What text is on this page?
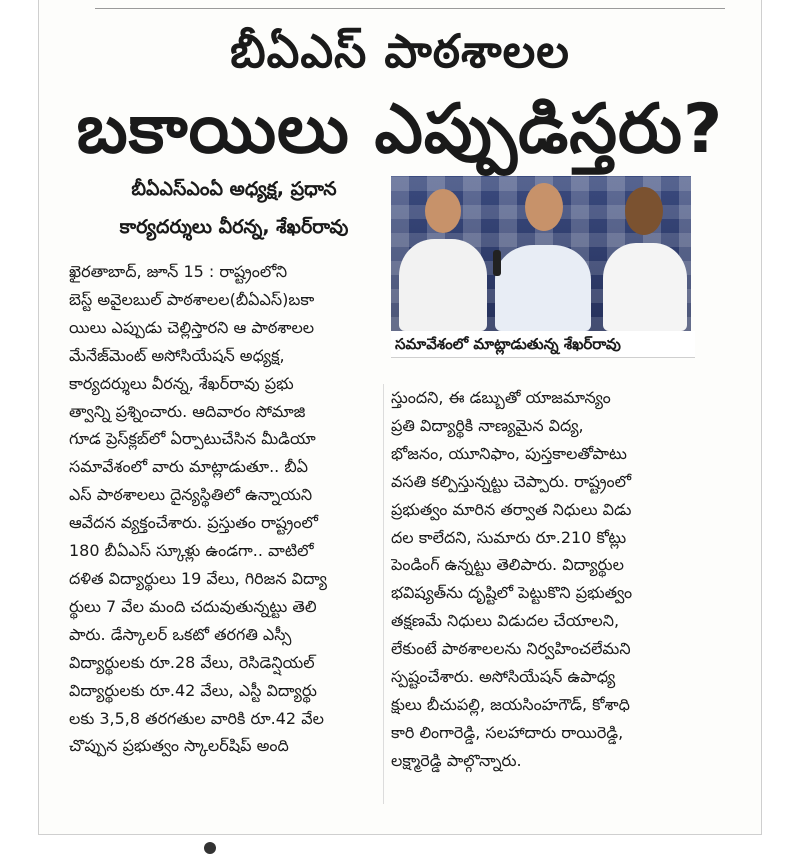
బీఏఎస్ పాఠశాలల
బకాయిలు ఎప్పుడిస్తరు?
బీఏఎస్ఎంఏ అధ్యక్ష, ప్రధాన
కార్యదర్శులు వీరన్న, శేఖర్‌రావు
సమావేశంలో మాట్లాడుతున్న శేఖర్‌రావు

ఖైరతాబాద్, జూన్ 15 : రాష్ట్రంలోని

బెస్ట్ అవైలబుల్ పాఠశాలల(బీఏఎస్)బకా

యిలు ఎప్పుడు చెల్లిస్తారని ఆ పాఠశాలల

మేనేజ్‌మెంట్ అసోసియేషన్ అధ్యక్ష,

కార్యదర్శులు వీరన్న, శేఖర్‌రావు ప్రభు

త్వాన్ని ప్రశ్నించారు. ఆదివారం సోమాజి

గూడ ప్రెస్‌క్లబ్‌లో ఏర్పాటుచేసిన మీడియా

సమావేశంలో వారు మాట్లాడుతూ.. బీఏ

ఎస్ పాఠశాలలు దైన్యస్థితిలో ఉన్నాయని

ఆవేదన వ్యక్తంచేశారు. ప్రస్తుతం రాష్ట్రంలో

180 బీఏఎస్ స్కూళ్లు ఉండగా.. వాటిలో

దళిత విద్యార్థులు 19 వేలు, గిరిజన విద్యా

ర్థులు 7 వేల మంది చదువుతున్నట్టు తెలి

పారు. డేస్కాలర్ ఒకటో తరగతి ఎస్సీ

విద్యార్థులకు రూ.28 వేలు, రెసిడెన్షియల్

విద్యార్థులకు రూ.42 వేలు, ఎస్టీ విద్యార్థు

లకు 3,5,8 తరగతుల వారికి రూ.42 వేల

చొప్పున ప్రభుత్వం స్కాలర్‌షిప్ అంది

స్తుందని, ఈ డబ్బుతో యాజమాన్యం

ప్రతి విద్యార్థికి నాణ్యమైన విద్య,

భోజనం, యూనిఫాం, పుస్తకాలతోపాటు

వసతి కల్పిస్తున్నట్టు చెప్పారు. రాష్ట్రంలో

ప్రభుత్వం మారిన తర్వాత నిధులు విడు

దల కాలేదని, సుమారు రూ.210 కోట్లు

పెండింగ్ ఉన్నట్టు తెలిపారు. విద్యార్థుల

భవిష్యత్‌ను దృష్టిలో పెట్టుకొని ప్రభుత్వం

తక్షణమే నిధులు విడుదల చేయాలని,

లేకుంటే పాఠశాలలను నిర్వహించలేమని

స్పష్టంచేశారు. అసోసియేషన్ ఉపాధ్య

క్షులు బీచుపల్లి, జయసింహగౌడ్, కోశాధి

కారి లింగారెడ్డి, సలహాదారు రాయిరెడ్డి,

లక్ష్మారెడ్డి పాల్గొన్నారు.
